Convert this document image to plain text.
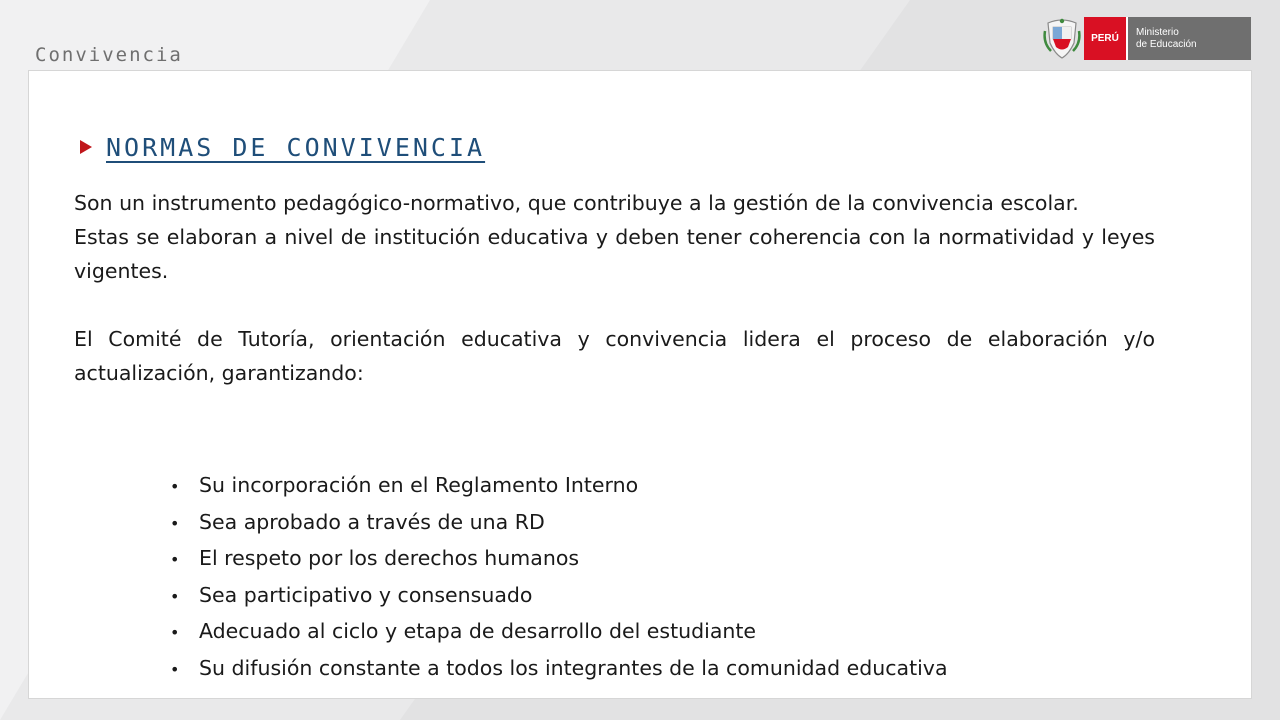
Convivencia
PERÚ
Ministerio
de Educación
NORMAS DE CONVIVENCIA

Son un instrumento pedagógico-normativo, que contribuye a la gestión de la convivencia escolar.

Estas se elaboran a nivel de institución educativa y deben tener coherencia con la normatividad y leyes vigentes.

El Comité de Tutoría, orientación educativa y convivencia lidera el proceso de elaboración y/o actualización, garantizando:

• Su incorporación en el Reglamento Interno
• Sea aprobado a través de una RD
• El respeto por los derechos humanos
• Sea participativo y consensuado
• Adecuado al ciclo y etapa de desarrollo del estudiante
• Su difusión constante a todos los integrantes de la comunidad educativa
